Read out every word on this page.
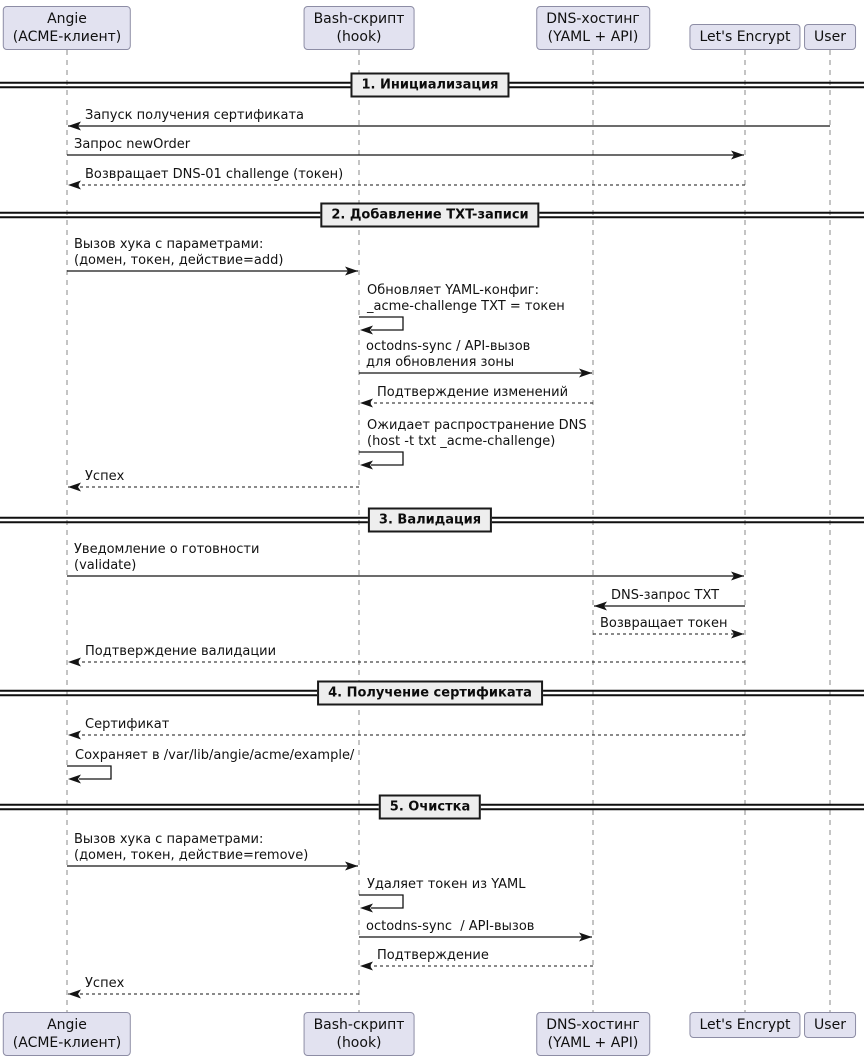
1. Инициализация
2. Добавление TXT-записи
3. Валидация
4. Получение сертификата
5. Очистка
Запуск получения сертификата
Запрос newOrder
Возвращает DNS-01 challenge (токен)
Вызов хука с параметрами:
(домен, токен, действие=add)
Обновляет YAML-конфиг:
_acme-challenge TXT = токен
octodns-sync / API-вызов
для обновления зоны
Подтверждение изменений
Ожидает распространение DNS
(host -t txt _acme-challenge)
Успех
Уведомление о готовности
(validate)
DNS-запрос TXT
Возвращает токен
Подтверждение валидации
Сертификат
Сохраняет в /var/lib/angie/acme/example/
Вызов хука с параметрами:
(домен, токен, действие=remove)
Удаляет токен из YAML
octodns-sync  / API-вызов
Подтверждение
Успех
Angie
(ACME-клиент)
Angie
(ACME-клиент)
Bash-скрипт
(hook)
Bash-скрипт
(hook)
DNS-хостинг
(YAML + API)
DNS-хостинг
(YAML + API)
Let's Encrypt
Let's Encrypt
User
User
